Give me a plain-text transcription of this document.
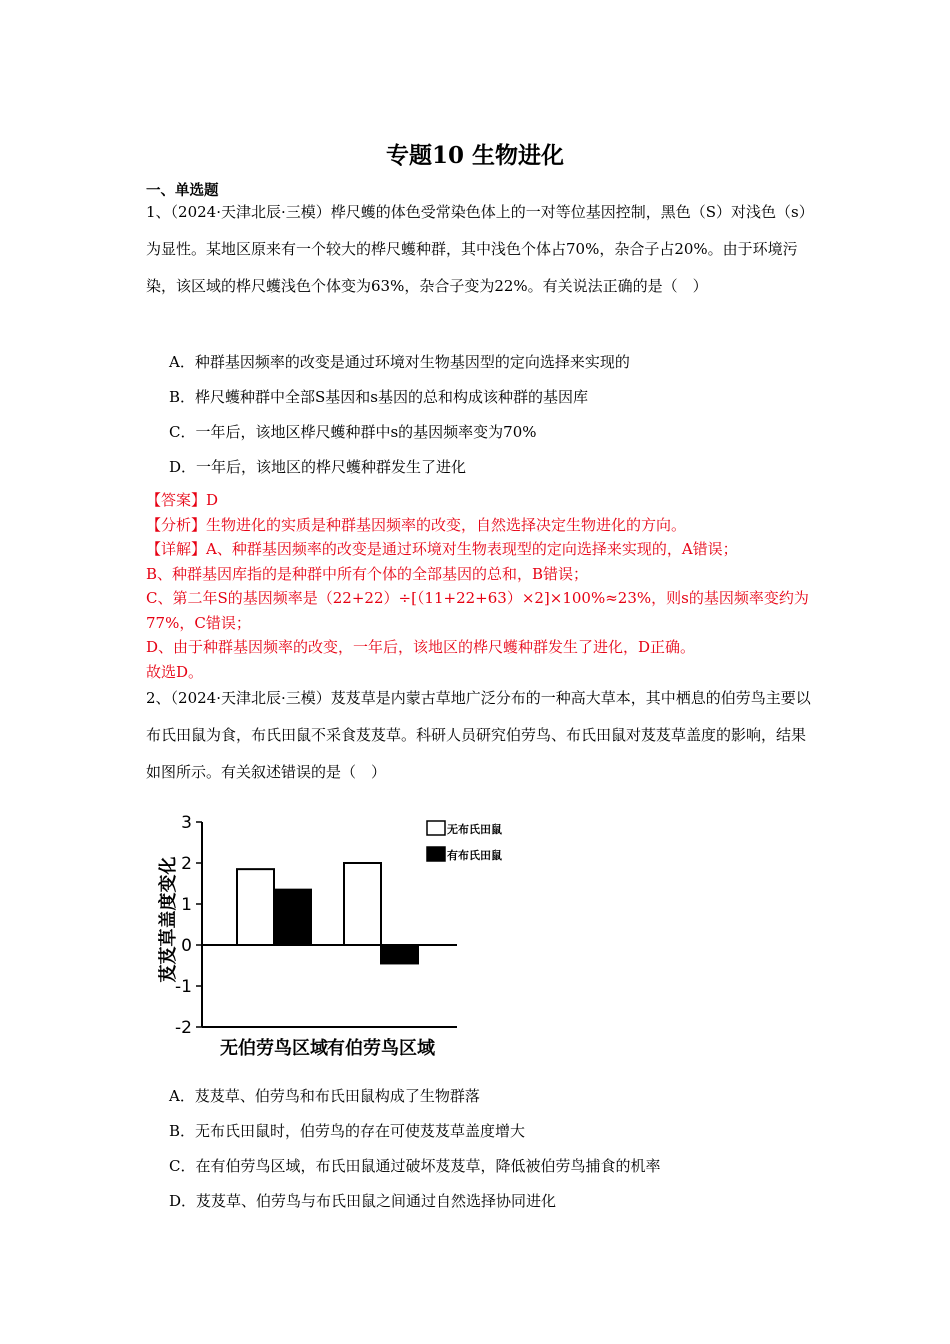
专题10 生物进化
一、单选题

1、（2024·天津北辰·三模）桦尺蠖的体色受常染色体上的一对等位基因控制，黑色（S）对浅色（s）为显性。某地区原来有一个较大的桦尺蠖种群，其中浅色个体占70%，杂合子占20%。由于环境污染，该区域的桦尺蠖浅色个体变为63%，杂合子变为22%。有关说法正确的是（　）

A．种群基因频率的改变是通过环境对生物基因型的定向选择来实现的
B．桦尺蠖种群中全部S基因和s基因的总和构成该种群的基因库
C．一年后，该地区桦尺蠖种群中s的基因频率变为70%
D．一年后，该地区的桦尺蠖种群发生了进化
【答案】D
【分析】生物进化的实质是种群基因频率的改变，自然选择决定生物进化的方向。
【详解】A、种群基因频率的改变是通过环境对生物表现型的定向选择来实现的，A错误；
B、种群基因库指的是种群中所有个体的全部基因的总和，B错误；
C、第二年S的基因频率是（22+22）÷[（11+22+63）×2]×100%≈23%，则s的基因频率变约为77%，C错误；
D、由于种群基因频率的改变，一年后，该地区的桦尺蠖种群发生了进化，D正确。
故选D。

2、（2024·天津北辰·三模）芨芨草是内蒙古草地广泛分布的一种高大草本，其中栖息的伯劳鸟主要以布氏田鼠为食，布氏田鼠不采食芨芨草。科研人员研究伯劳鸟、布氏田鼠对芨芨草盖度的影响，结果如图所示。有关叙述错误的是（　）

3
2
1
0
-1
-2
芨芨草盖度变化
无伯劳鸟区域 有伯劳鸟区域
无布氏田鼠
有布氏田鼠
A．芨芨草、伯劳鸟和布氏田鼠构成了生物群落
B．无布氏田鼠时，伯劳鸟的存在可使芨芨草盖度增大
C．在有伯劳鸟区域，布氏田鼠通过破坏芨芨草，降低被伯劳鸟捕食的机率
D．芨芨草、伯劳鸟与布氏田鼠之间通过自然选择协同进化
